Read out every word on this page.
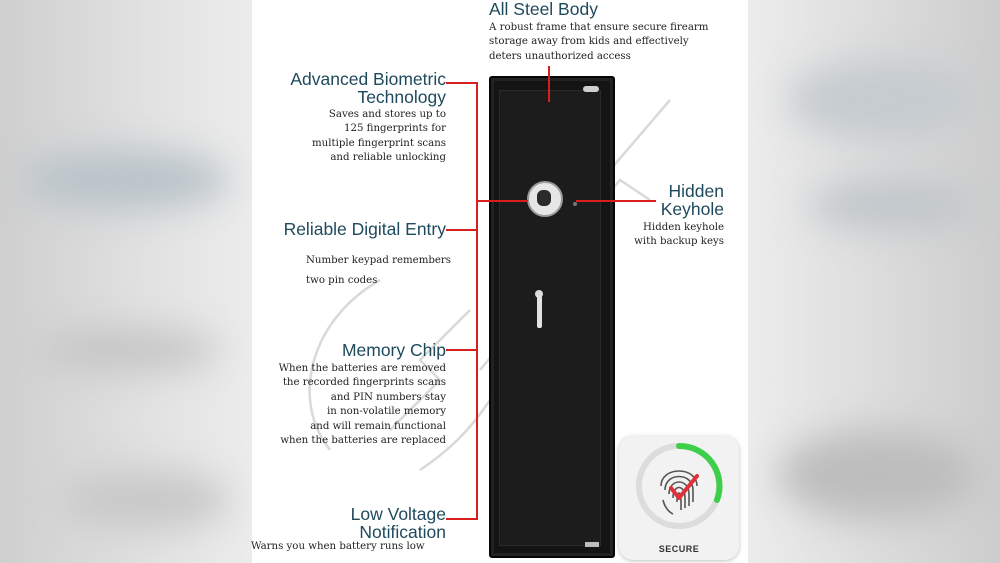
All Steel Body
A robust frame that ensure secure firearm
storage away from kids and effectively
deters unauthorized access
Advanced Biometric
Technology
Saves and stores up to
125 fingerprints for
multiple fingerprint scans
and reliable unlocking
Reliable Digital Entry
Number keypad remembers
two pin codes
Hidden
Keyhole
Hidden keyhole
with backup keys
Memory Chip
When the batteries are removed
the recorded fingerprints scans
and PIN numbers stay
in non-volatile memory
and will remain functional
when the batteries are replaced
Low Voltage
Notification
Warns you when battery runs low	SECURE
